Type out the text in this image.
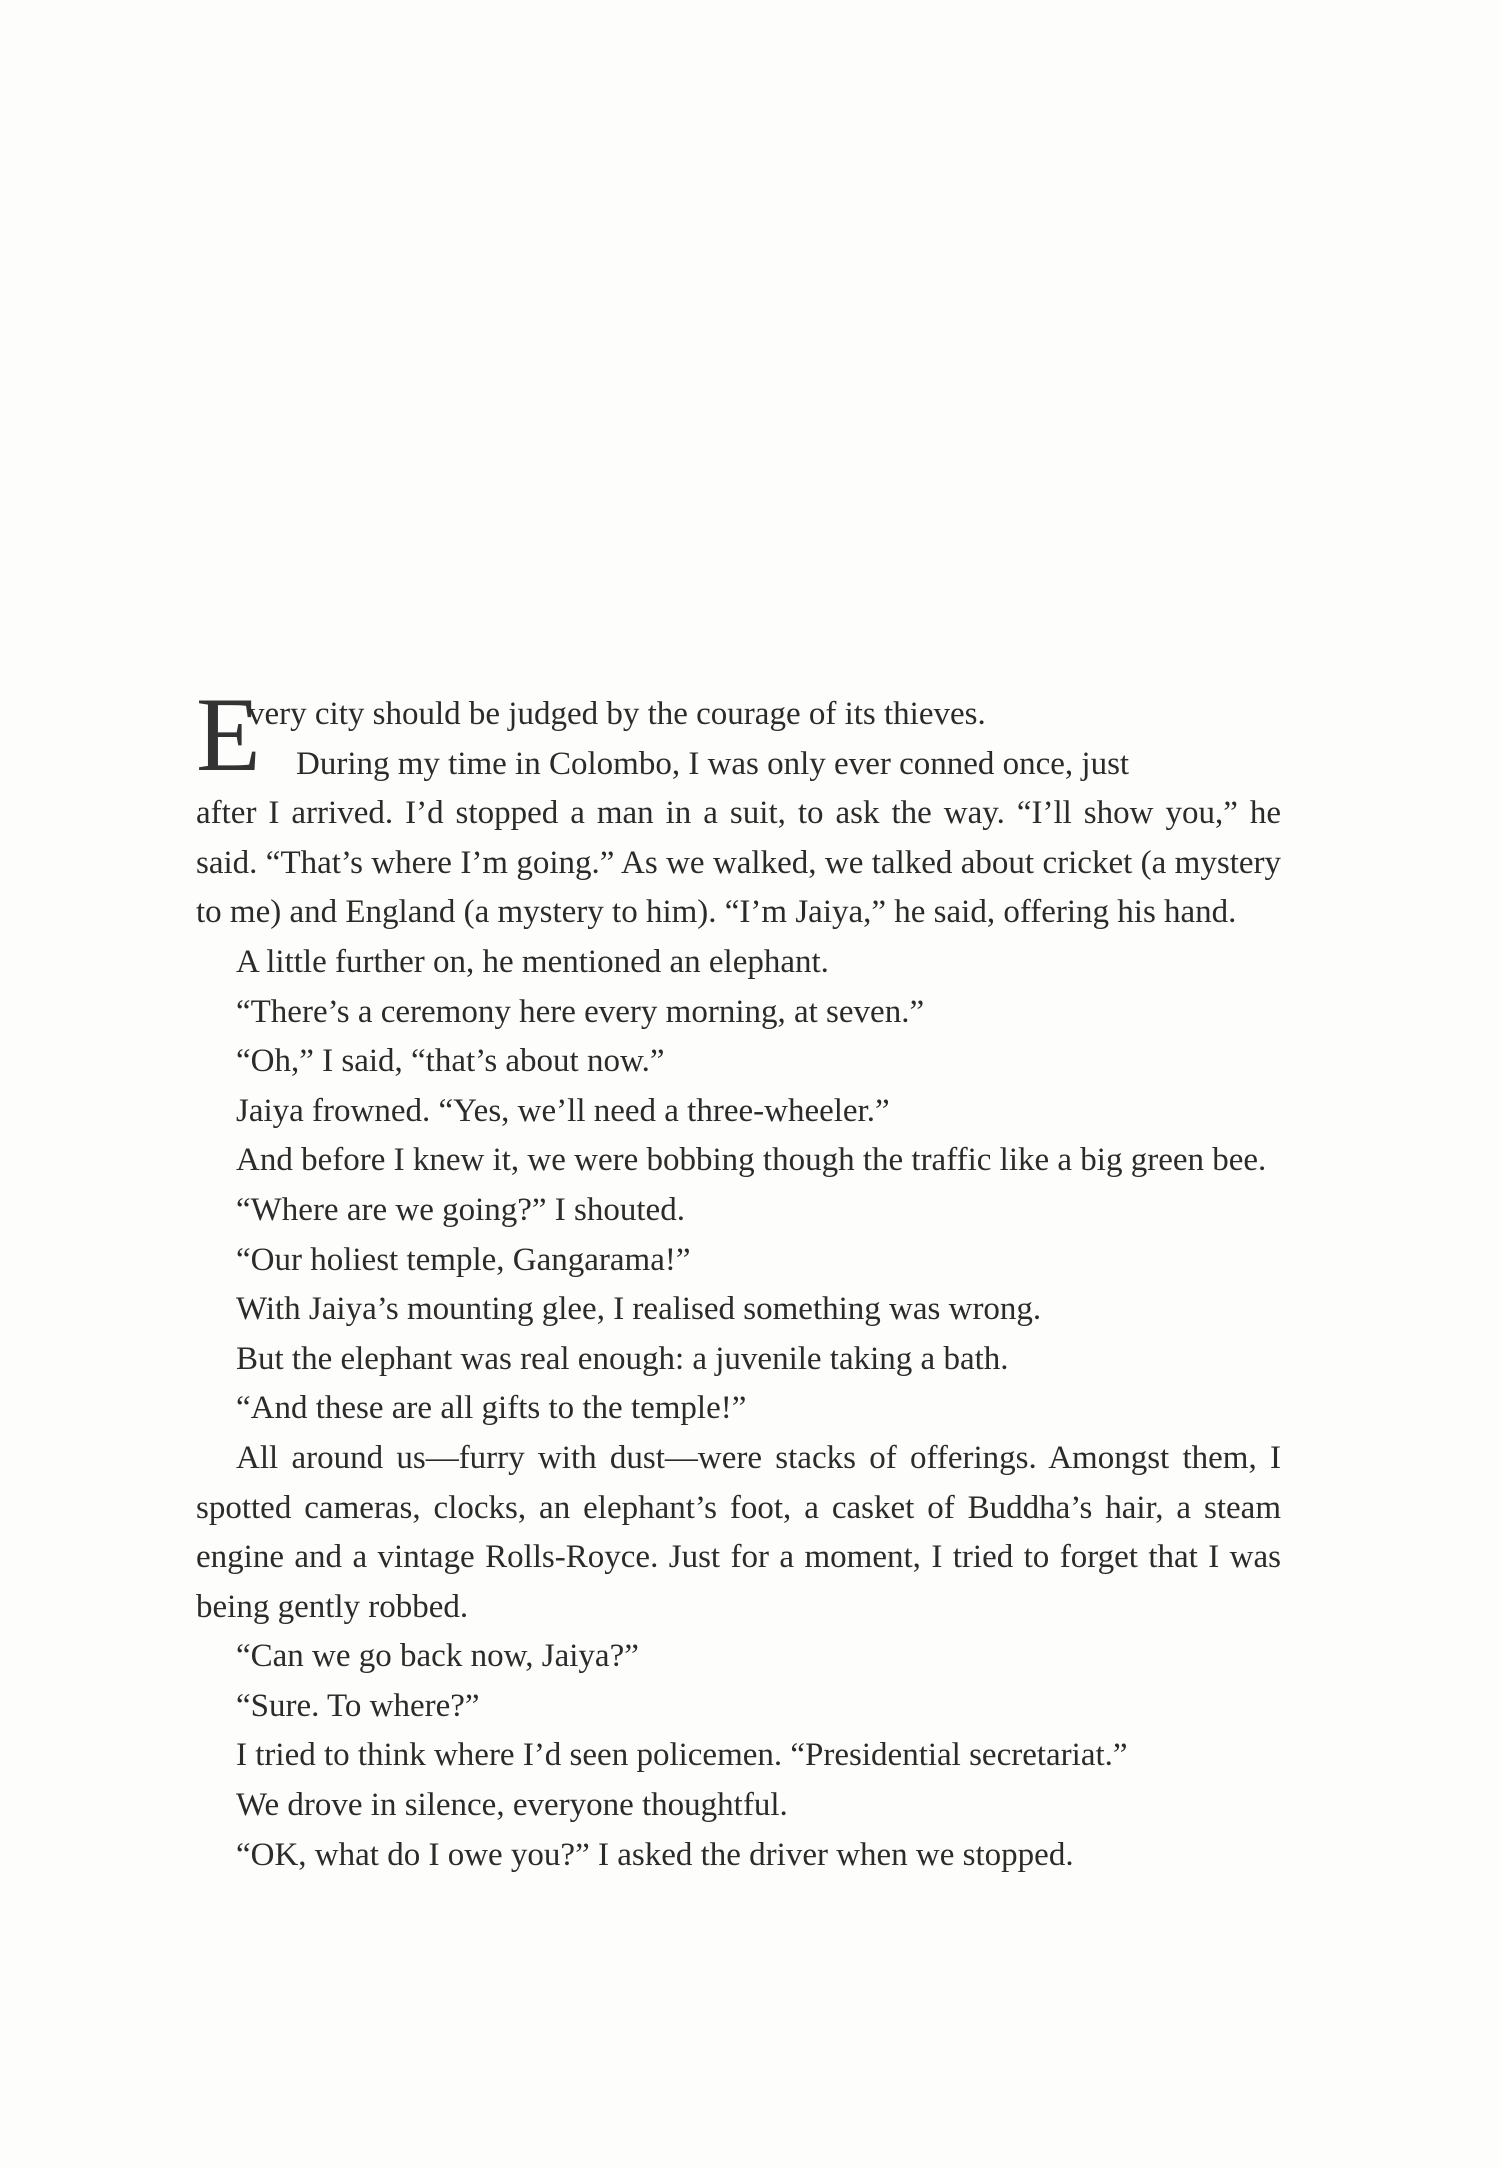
E
very city should be judged by the courage of its thieves.
During my time in Colombo, I was only ever conned once, just
after I arrived. I’d stopped a man in a suit, to ask the way. “I’ll show you,” he said. “That’s where I’m going.” As we walked, we talked about cricket (a mystery to me) and England (a mystery to him). “I’m Jaiya,” he said, offering his hand.

A little further on, he mentioned an elephant.

“There’s a ceremony here every morning, at seven.”

“Oh,” I said, “that’s about now.”

Jaiya frowned. “Yes, we’ll need a three-wheeler.”

And before I knew it, we were bobbing though the traffic like a big green bee.

“Where are we going?” I shouted.

“Our holiest temple, Gangarama!”

With Jaiya’s mounting glee, I realised something was wrong.

But the elephant was real enough: a juvenile taking a bath.

“And these are all gifts to the temple!”

All around us—furry with dust—were stacks of offerings. Amongst them, I spotted cameras, clocks, an elephant’s foot, a casket of Buddha’s hair, a steam engine and a vintage Rolls-Royce. Just for a moment, I tried to forget that I was being gently robbed.

“Can we go back now, Jaiya?”

“Sure. To where?”

I tried to think where I’d seen policemen. “Presidential secretariat.”

We drove in silence, everyone thoughtful.

“OK, what do I owe you?” I asked the driver when we stopped.
